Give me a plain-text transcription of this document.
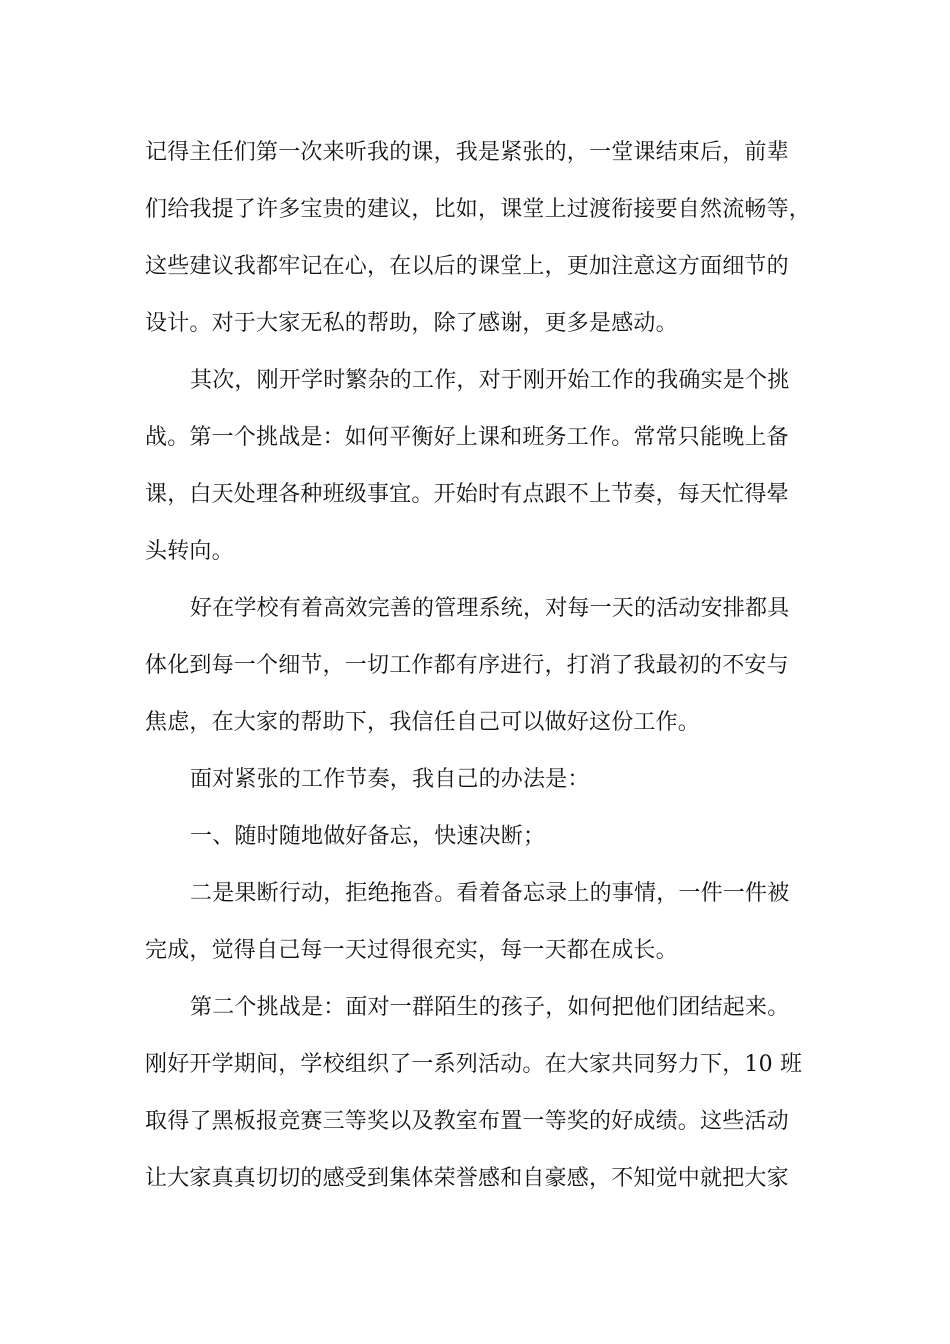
记得主任们第一次来听我的课，我是紧张的，一堂课结束后，前辈
们给我提了许多宝贵的建议，比如，课堂上过渡衔接要自然流畅等，
这些建议我都牢记在心，在以后的课堂上，更加注意这方面细节的
设计。对于大家无私的帮助，除了感谢，更多是感动。
其次，刚开学时繁杂的工作，对于刚开始工作的我确实是个挑
战。第一个挑战是：如何平衡好上课和班务工作。常常只能晚上备
课，白天处理各种班级事宜。开始时有点跟不上节奏，每天忙得晕
头转向。
好在学校有着高效完善的管理系统，对每一天的活动安排都具
体化到每一个细节，一切工作都有序进行，打消了我最初的不安与
焦虑，在大家的帮助下，我信任自己可以做好这份工作。
面对紧张的工作节奏，我自己的办法是：
一、随时随地做好备忘，快速决断；
二是果断行动，拒绝拖沓。看着备忘录上的事情，一件一件被
完成，觉得自己每一天过得很充实，每一天都在成长。
第二个挑战是：面对一群陌生的孩子，如何把他们团结起来。
刚好开学期间，学校组织了一系列活动。在大家共同努力下，10 班
取得了黑板报竞赛三等奖以及教室布置一等奖的好成绩。这些活动
让大家真真切切的感受到集体荣誉感和自豪感，不知觉中就把大家
